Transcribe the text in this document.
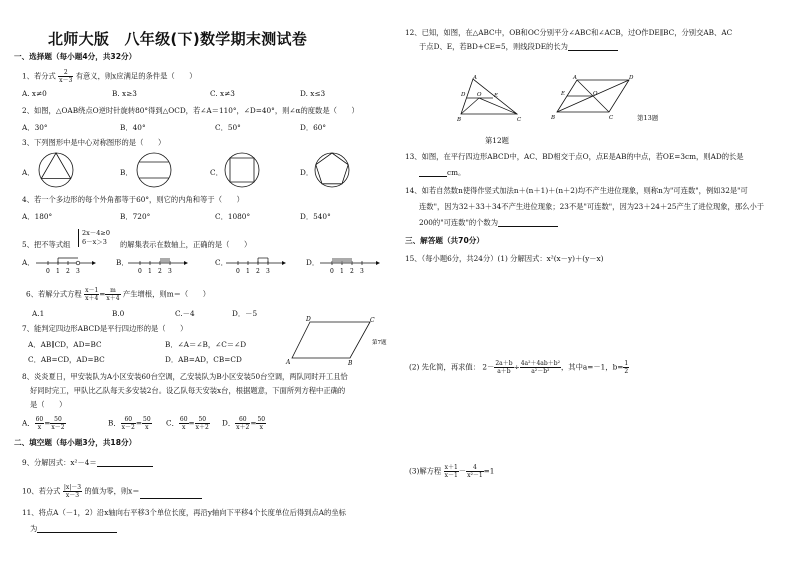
北师大版　八年级(下)数学期末测试卷
一、选择题（每小题4分，共32分）
1、若分式 $\frac{2}{x-3}$ 有意义，则x应满足的条件是（　　）
A. x≠0	B. x≥3	C. x≠3	D. x≤3
2、如图，△OAB绕点O逆时针旋转80°得到△OCD，若∠A＝110°，∠D=40°，则∠α的度数是（　　）
A．30°	B．40°	C．50°	D．60°
3、下列图形中是中心对称图形的是（　　）
A．	B．	C．	D．
4、若一个多边形的每个外角都等于60°，则它的内角和等于（　　）
A．180°	B．720°	C．1080°	D．540°
5、把不等式组
2x－4≥0
6－x＞3	的解集表示在数轴上，正确的是（　　）
A．	B．	C．	D．
0 1 2 3	0 1 2 3	0 1 2 3	0 1 2 3
6、若解分式方程 $\frac{x-1}{x+4} = \frac{m}{x+4}$ 产生增根，则m＝（　　）
A.1	B.0	C.－4	D．－5
7、能判定四边形ABCD是平行四边形的是（　　）
A．AB∥CD，AD=BC	B．∠A＝∠B，∠C＝∠D
C．AB=CD，AD=BC	D．AB=AD，CB=CD	A	B
C
D
第7题
8、炎炎夏日，甲安装队为A小区安装60台空调，乙安装队为B小区安装50台空调，两队同时开工且恰
好同时完工，甲队比乙队每天多安装2台。设乙队每天安装x台，根据题意，下面所列方程中正确的
是（　　）
A． $\frac{60}{x} = \frac{50}{x-2}$	B． $\frac{60}{x-2} = \frac{50}{x}$ C． $\frac{60}{x} = \frac{50}{x+2}$ D． $\frac{60}{x+2} = \frac{50}{x}$
二、填空题（每小题3分，共18分）
9、分解因式：x²－4＝
10、若分式 $\frac{|x|-3}{x-3}$ 的值为零，则x＝
11、将点A（－1，2）沿x轴向右平移3个单位长度，再沿y轴向下平移4个长度单位后得到点A的坐标
为
12、已知，如图，在△ABC中，OB和OC分别平分∠ABC和∠ACB，过O作DE∥BC，分别交AB、AC
于点D、E，若BD+CE=5，则线段DE的长为
A
D	E
O
B	C
第12题
A	D
E	O
B	C	第13题
13、如图，在平行四边形ABCD中，AC、BD相交于点O，点E是AB的中点，若OE=3cm，则AD的长是
cm。
14、如若自然数n使得作竖式加法n＋(n＋1)＋(n＋2)均不产生进位现象，则称n为"可连数"，例如32是"可
连数"，因为32＋33＋34不产生进位现象；23不是"可连数"，因为23＋24＋25产生了进位现象，那么小于
200的"可连数"的个数为
三、解答题（共70分）
15、（每小题6分，共24分）(1) 分解因式：x²(x－y)＋(y－x)
(2) 先化简，再求值： $2- \frac{2a+b}{a+b} \div \frac{\text{4a²＋4ab＋b²}}{\text{a²－b²}}$ ，其中a=－1，$b= \frac{1}{2}$
(3)解方程 $\frac{x+1}{x-1} - \frac{4}{\text{x²－1}} =1$
